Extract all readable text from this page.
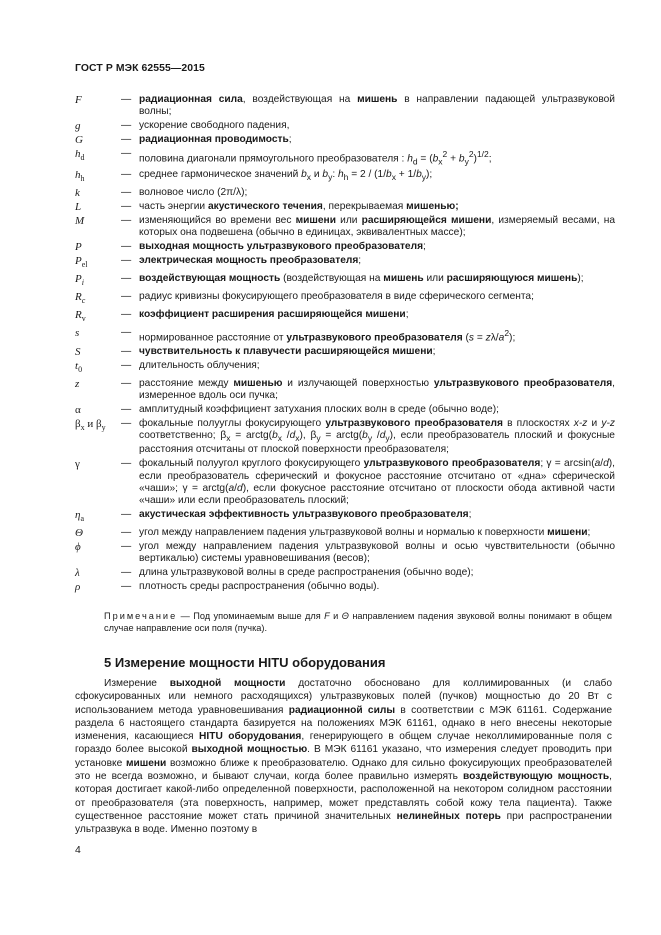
ГОСТ Р МЭК 62555—2015
F	— радиационная сила, воздействующая на мишень в направлении падающей ультразвуковой волны;
g	— ускорение свободного падения,
G	— радиационная проводимость;
$h_d$	— половина диагонали прямоугольного преобразователя : $h_d = (b_x^2 + b_y^2)^{1/2}$;
$h_h$	— среднее гармоническое значений $b_x$ и $b_y$: $h_h = 2 / (1/b_x + 1/b_y)$;
k	— волновое число (2π/λ);
L	— часть энергии акустического течения, перекрываемая мишенью;
M	— изменяющийся во времени вес мишени или расширяющейся мишени, измеряемый весами, на которых она подвешена (обычно в единицах, эквивалентных массе);
P	— выходная мощность ультразвукового преобразователя;
$P_{el}$	— электрическая мощность преобразователя;
$P_i$	— воздействующая мощность (воздействующая на мишень или расширяющуюся мишень);
$R_c$	— радиус кривизны фокусирующего преобразователя в виде сферического сегмента;
$R_v$	— коэффициент расширения расширяющейся мишени;
s	— нормированное расстояние от ультразвукового преобразователя $(s = z\lambda/a^2)$;
S	— чувствительность к плавучести расширяющейся мишени;
$t_0$	— длительность облучения;
z	— расстояние между мишенью и излучающей поверхностью ультразвукового преобразователя, измеренное вдоль оси пучка;
α	— амплитудный коэффициент затухания плоских волн в среде (обычно воде);
$\beta_x$ и $\beta_y$	— фокальные полууглы фокусирующего ультразвукового преобразователя в плоскостях x-z и y-z соответственно; $\beta_x$ = $arctg(b_x$ $/d_x$), $\beta_y$ = $arctg(b_y$ $/d_y$), если преобразователь плоский и фокусные расстояния отсчитаны от плоской поверхности преобразователя;
γ	— фокальный полуугол круглого фокусирующего ультразвукового преобразователя; γ = arcsin(a/d), если преобразователь сферический и фокусное расстояние отсчитано от «дна» сферической «чаши»; γ = arctg(a/d), если фокусное расстояние отсчитано от плоскости обода активной части «чаши» или если преобразователь плоский;
$\eta_a$	— акустическая эффективность ультразвукового преобразователя;
Θ	— угол между направлением падения ультразвуковой волны и нормалью к поверхности мишени;
ϕ	— угол между направлением падения ультразвуковой волны и осью чувствительности (обычно вертикалью) системы уравновешивания (весов);
λ	— длина ультразвуковой волны в среде распространения (обычно воде);
ρ	— плотность среды распространения (обычно воды).
Примечание — Под упоминаемым выше для F и Θ направлением падения звуковой волны понимают в общем случае направление оси поля (пучка).
5 Измерение мощности HITU оборудования
Измерение выходной мощности достаточно обосновано для коллимированных (и слабо сфокусированных или немного расходящихся) ультразвуковых полей (пучков) мощностью до 20 Вт с использованием метода уравновешивания радиационной силы в соответствии с МЭК 61161. Содержание раздела 6 настоящего стандарта базируется на положениях МЭК 61161, однако в него внесены некоторые изменения, касающиеся HITU оборудования, генерирующего в общем случае неколлимированные поля с гораздо более высокой выходной мощностью. В МЭК 61161 указано, что измерения следует проводить при установке мишени возможно ближе к преобразователю. Однако для сильно фокусирующих преобразователей это не всегда возможно, и бывают случаи, когда более правильно измерять воздействующую мощность, которая достигает какой-либо определенной поверхности, расположенной на некотором солидном расстоянии от преобразователя (эта поверхность, например, может представлять собой кожу тела пациента). Также существенное расстояние может стать причиной значительных нелинейных потерь при распространении ультразвука в воде. Именно поэтому в
4
